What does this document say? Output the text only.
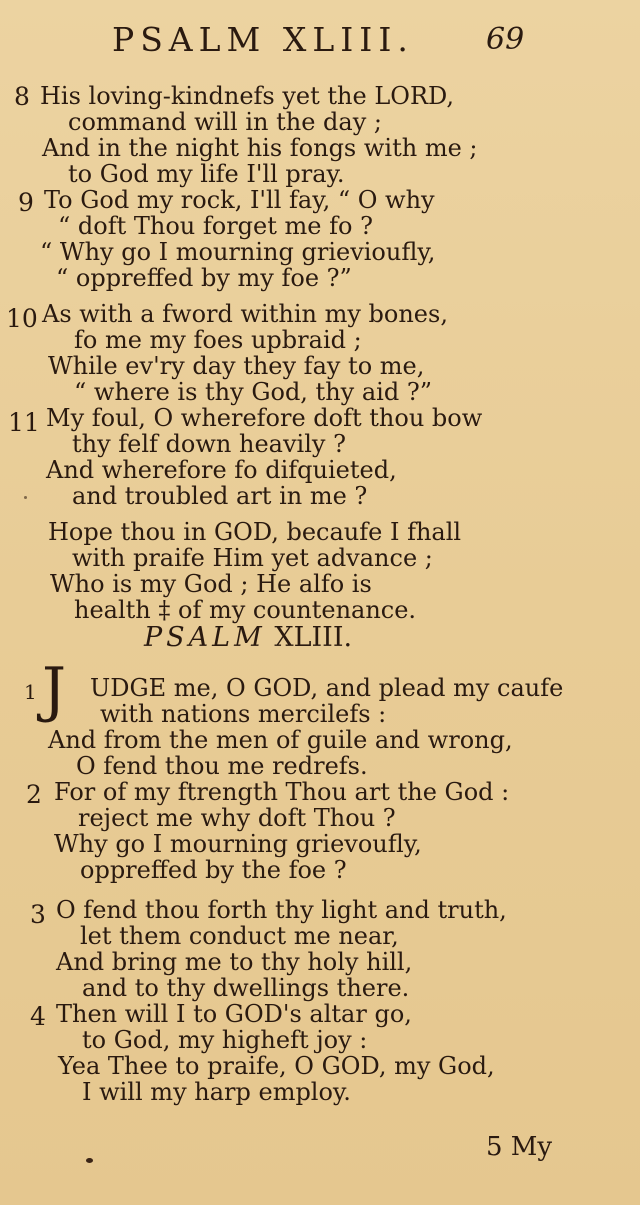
PSALM XLIII. 69
8 His loving-kindnefs yet the LORD,
command will in the day ;
And in the night his fongs with me ;
to God my life I'll pray.
9 To God my rock, I'll fay, “ O why
“ doft Thou forget me fo ?
“ Why go I mourning grievioufly,
“ oppreffed by my foe ?”
10 As with a fword within my bones,
fo me my foes upbraid ;
While ev'ry day they fay to me,
“ where is thy God, thy aid ?”
11 My foul, O wherefore doft thou bow
thy felf down heavily ?
And wherefore fo difquieted,
and troubled art in me ?
Hope thou in GOD, becaufe I fhall
with praife Him yet advance ;
Who is my God ; He alfo is
health ‡ of my countenance.
PSALM XLIII.
1 J UDGE me, O GOD, and plead my caufe
with nations mercilefs :
And from the men of guile and wrong,
O fend thou me redrefs.
2 For of my ftrength Thou art the God :
reject me why doft Thou ?
Why go I mourning grievoufly,
oppreffed by the foe ?
3 O fend thou forth thy light and truth,
let them conduct me near,
And bring me to thy holy hill,
and to thy dwellings there.
4 Then will I to GOD's altar go,
to God, my higheft joy :
Yea Thee to praife, O GOD, my God,
I will my harp employ.
5 My
